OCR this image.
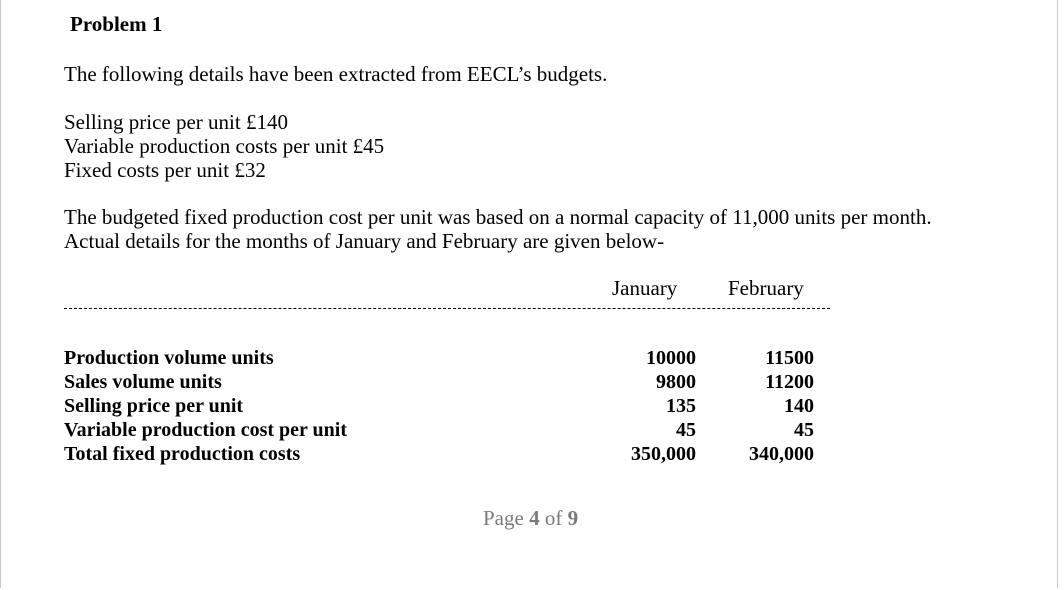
Problem 1
The following details have been extracted from EECL’s budgets.
Selling price per unit £140
Variable production costs per unit £45
Fixed costs per unit £32
The budgeted fixed production cost per unit was based on a normal capacity of 11,000 units per month.
Actual details for the months of January and February are given below-
January February
Production volume units	10000	11500
Sales volume units	9800	11200
Selling price per unit	135	140
Variable production cost per unit	45	45
Total fixed production costs	350,000	340,000
Page 4 of 9
